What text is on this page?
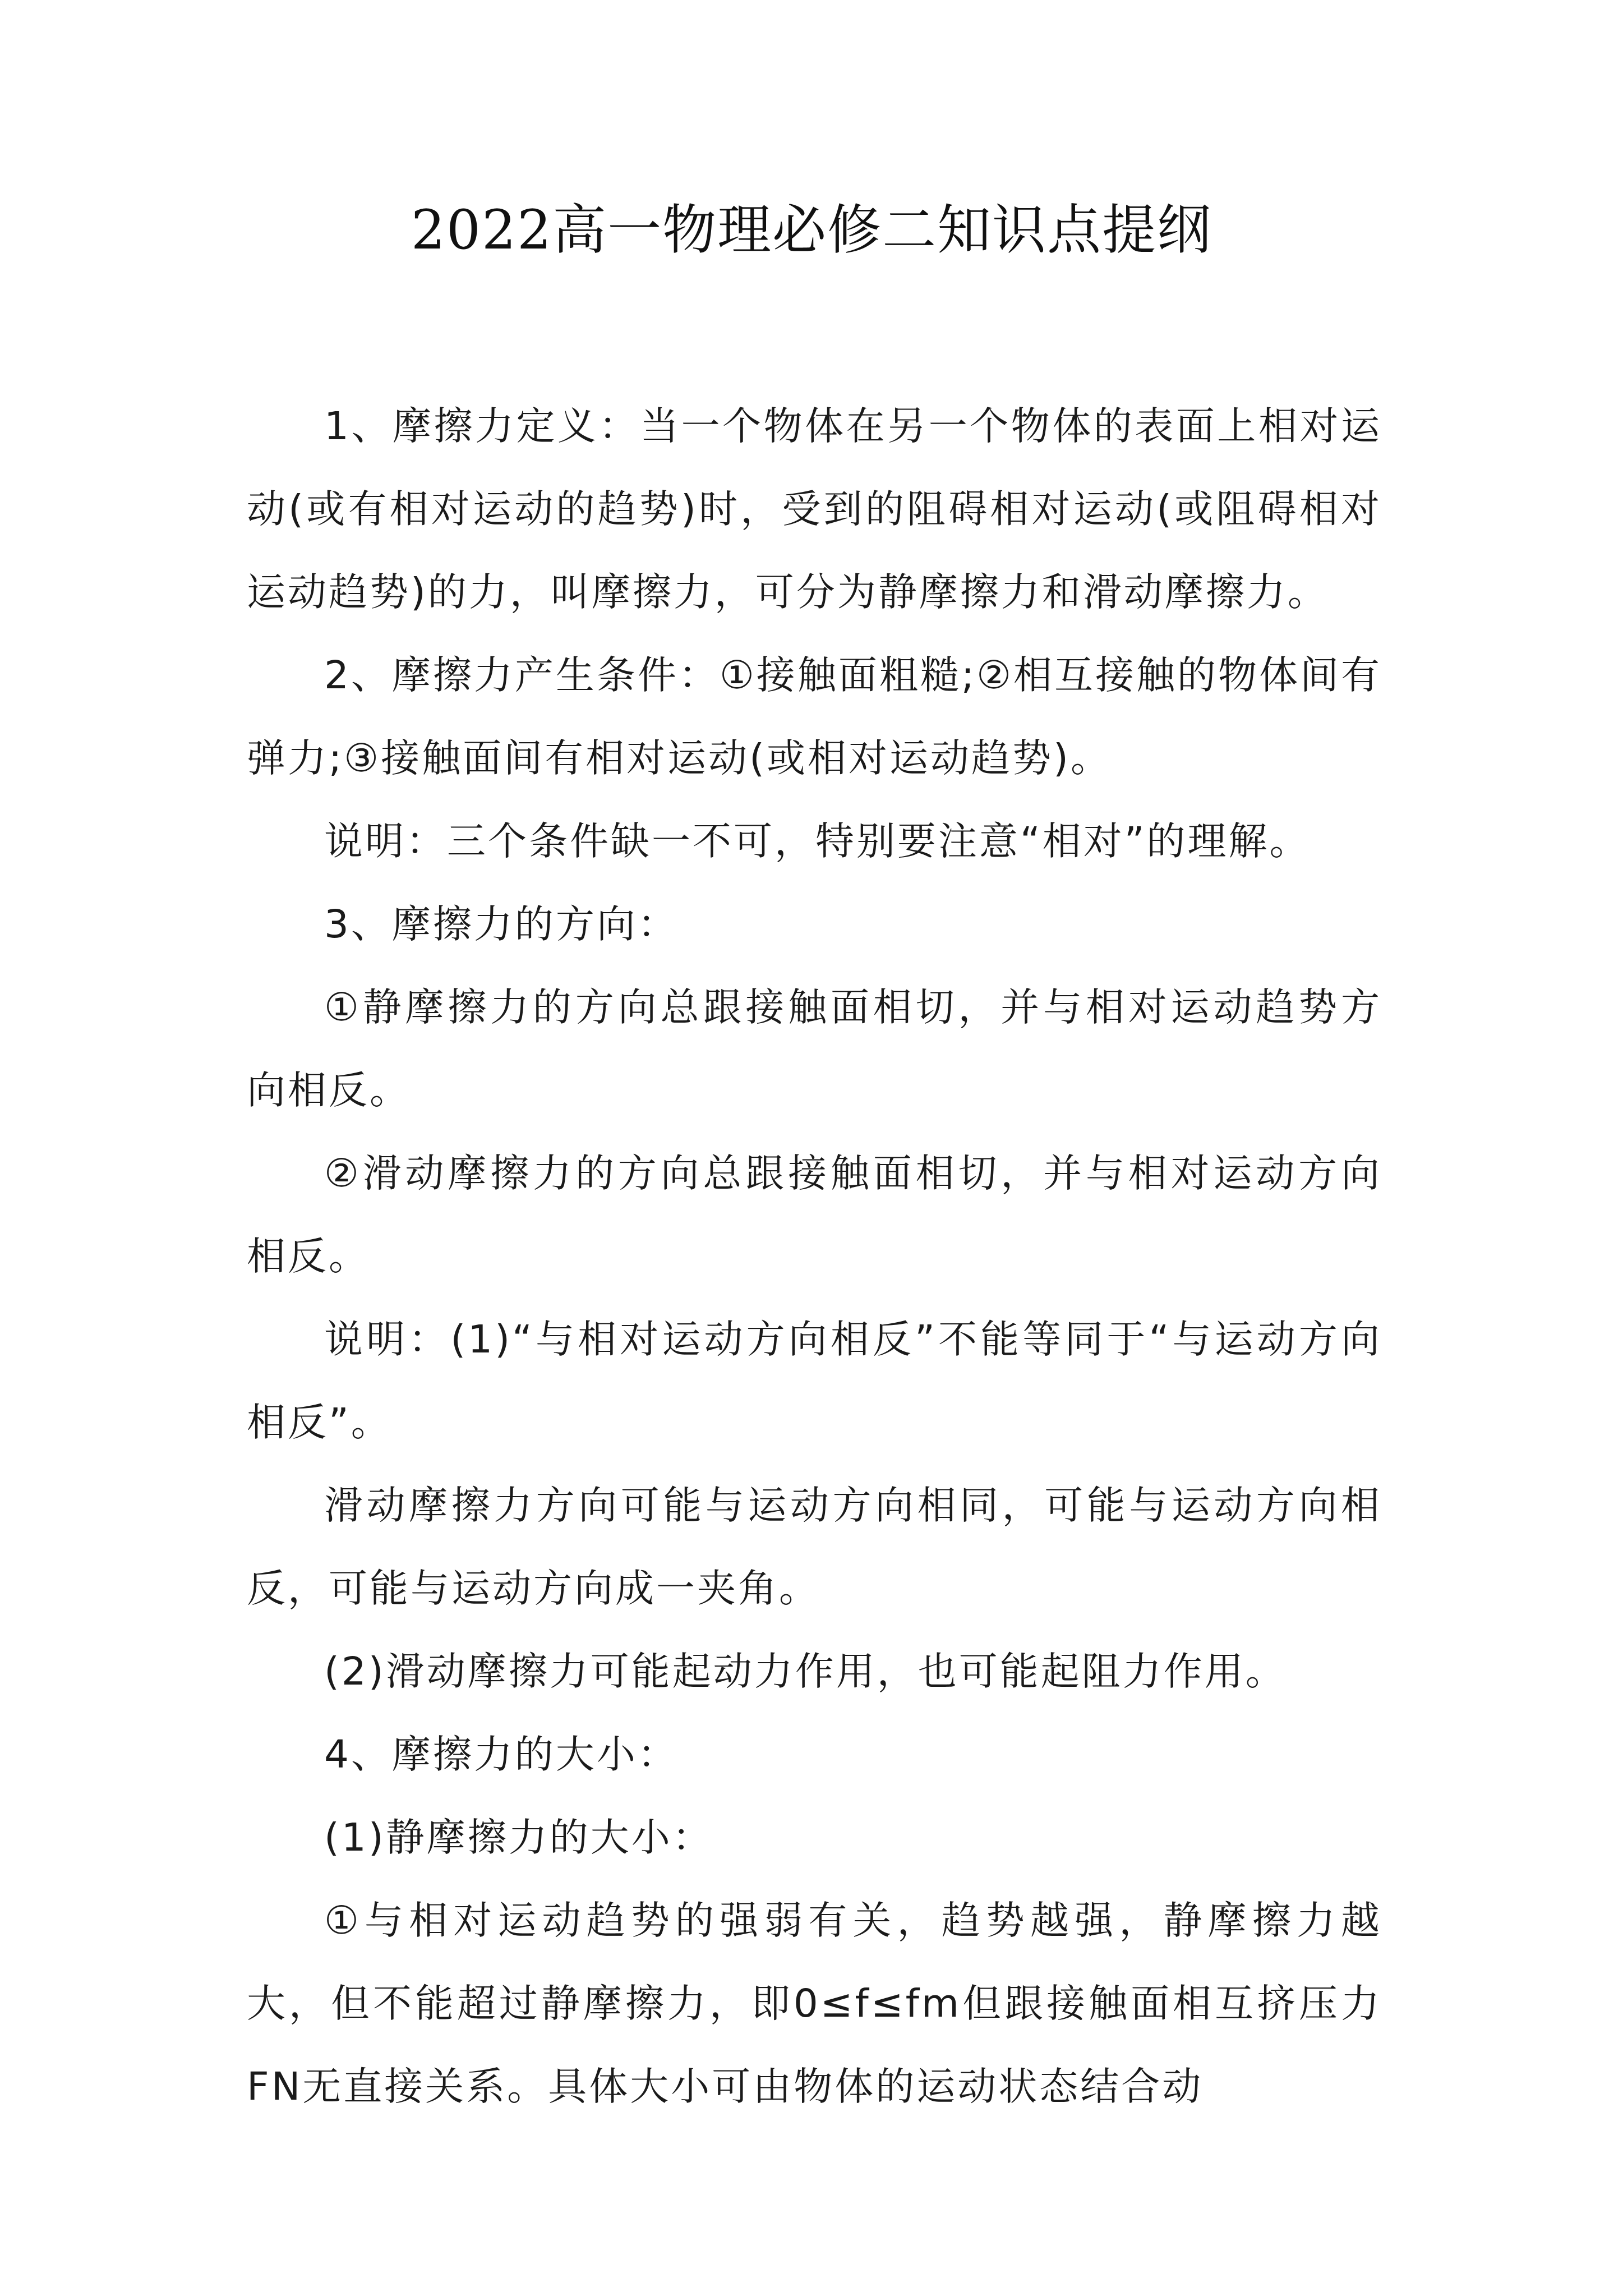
2022高一物理必修二知识点提纲

1、摩擦力定义：当一个物体在另一个物体的表面上相对运动(或有相对运动的趋势)时，受到的阻碍相对运动(或阻碍相对运动趋势)的力，叫摩擦力，可分为静摩擦力和滑动摩擦力。

2、摩擦力产生条件：①接触面粗糙;②相互接触的物体间有弹力;③接触面间有相对运动(或相对运动趋势)。

说明：三个条件缺一不可，特别要注意“相对”的理解。

3、摩擦力的方向：

①静摩擦力的方向总跟接触面相切，并与相对运动趋势方向相反。

②滑动摩擦力的方向总跟接触面相切，并与相对运动方向相反。

说明：(1)“与相对运动方向相反”不能等同于“与运动方向相反”。

滑动摩擦力方向可能与运动方向相同，可能与运动方向相反，可能与运动方向成一夹角。

(2)滑动摩擦力可能起动力作用，也可能起阻力作用。

4、摩擦力的大小：

(1)静摩擦力的大小：

①与相对运动趋势的强弱有关，趋势越强，静摩擦力越大，但不能超过静摩擦力，即0≤f≤fm但跟接触面相互挤压力FN无直接关系。具体大小可由物体的运动状态结合动
